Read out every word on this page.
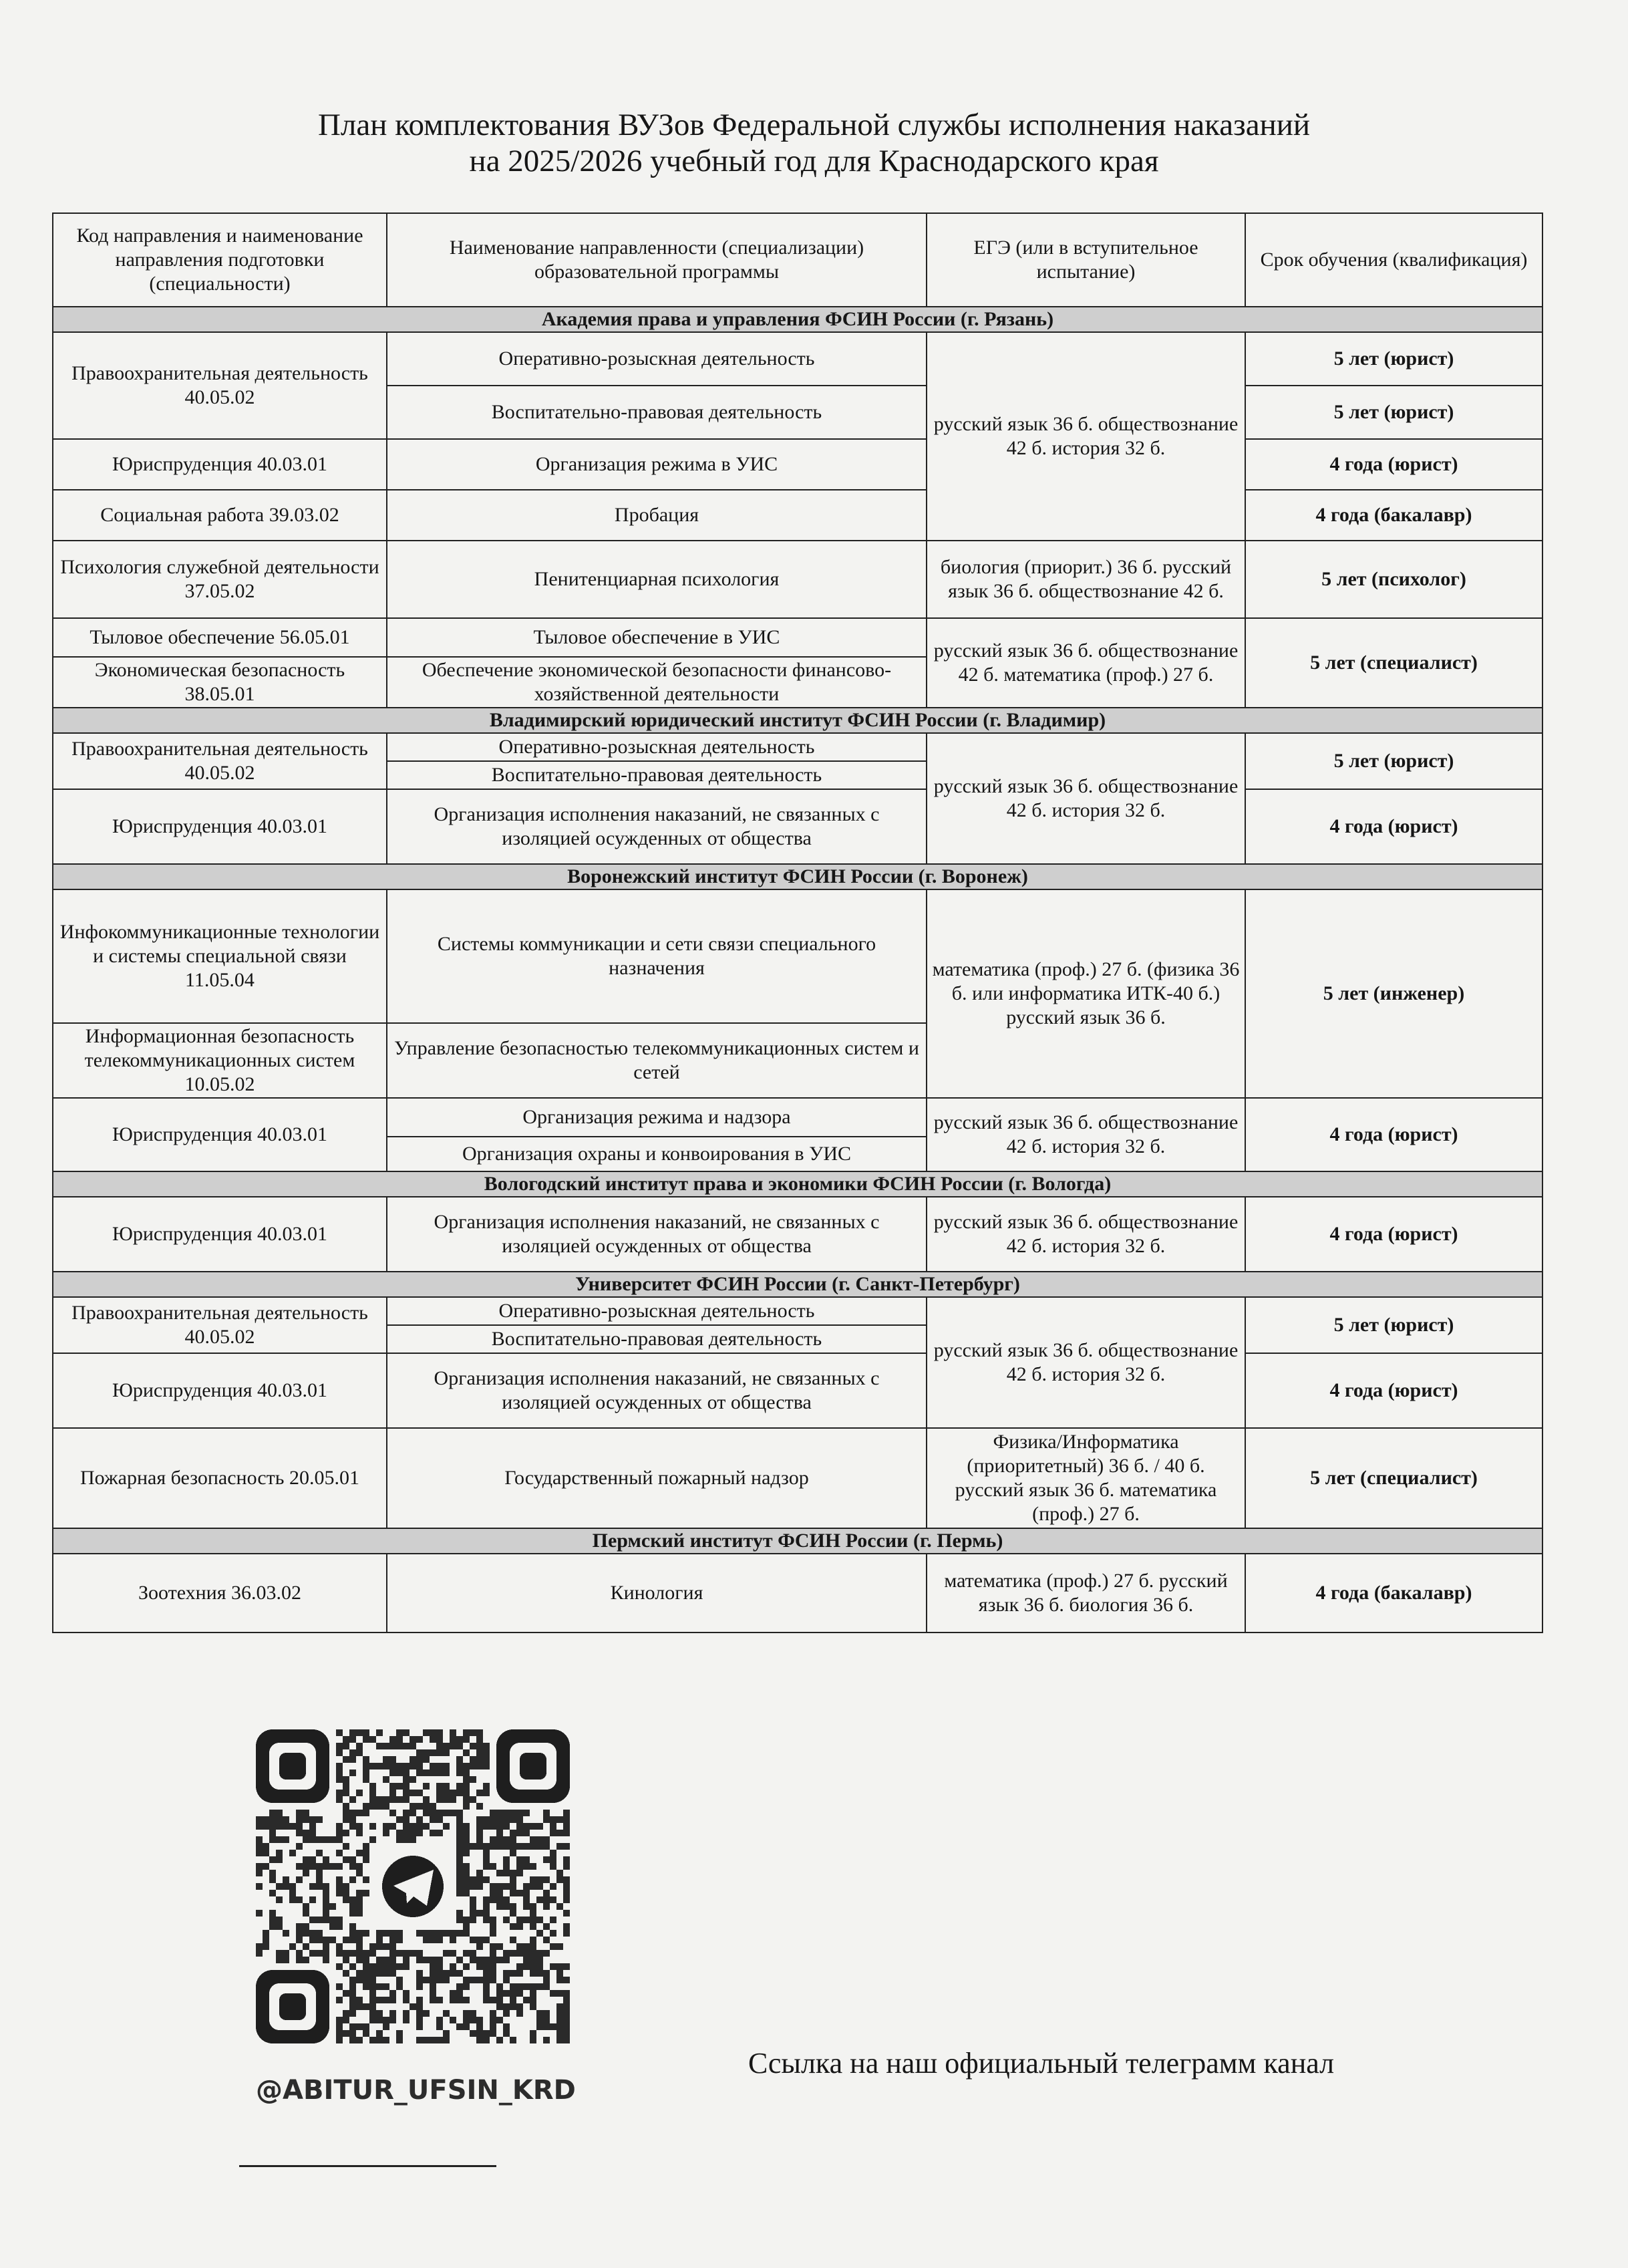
План комплектования ВУЗов Федеральной службы исполнения наказаний
на 2025/2026 учебный год для Краснодарского края
Код направления и наименование направления подготовки (специальности)	Наименование направленности (специализации) образовательной программы	ЕГЭ (или в вступительное испытание)	Срок обучения (квалификация)
Академия права и управления ФСИН России (г. Рязань)			
Правоохранительная деятельность 40.05.02	Оперативно-розыскная деятельность	русский язык 36 б. обществознание 42 б. история 32 б.	5 лет (юрист)
	Воспитательно-правовая деятельность		5 лет (юрист)
Юриспруденция 40.03.01	Организация режима в УИС		4 года (юрист)
Социальная работа 39.03.02	Пробация		4 года (бакалавр)
Психология служебной деятельности 37.05.02	Пенитенциарная психология	биология (приорит.) 36 б. русский язык 36 б. обществознание 42 б.	5 лет (психолог)
Тыловое обеспечение 56.05.01	Тыловое обеспечение в УИС	русский язык 36 б. обществознание 42 б. математика (проф.) 27 б.	5 лет (специалист)
Экономическая безопасность 38.05.01	Обеспечение экономической безопасности финансово-хозяйственной деятельности		
Владимирский юридический институт ФСИН России (г. Владимир)			
Правоохранительная деятельность 40.05.02	Оперативно-розыскная деятельность	русский язык 36 б. обществознание 42 б. история 32 б.	5 лет (юрист)
	Воспитательно-правовая деятельность		
Юриспруденция 40.03.01	Организация исполнения наказаний, не связанных с изоляцией осужденных от общества		4 года (юрист)
Воронежский институт ФСИН России (г. Воронеж)			
Инфокоммуникационные технологии и системы специальной связи 11.05.04	Системы коммуникации и сети связи специального назначения	математика (проф.) 27 б. (физика 36 б. или информатика ИТК-40 б.) русский язык 36 б.	5 лет (инженер)
Информационная безопасность телекоммуникационных систем 10.05.02	Управление безопасностью телекоммуникационных систем и сетей		
Юриспруденция 40.03.01	Организация режима и надзора	русский язык 36 б. обществознание 42 б. история 32 б.	4 года (юрист)
	Организация охраны и конвоирования в УИС		
Вологодский институт права и экономики ФСИН России (г. Вологда)			
Юриспруденция 40.03.01	Организация исполнения наказаний, не связанных с изоляцией осужденных от общества	русский язык 36 б. обществознание 42 б. история 32 б.	4 года (юрист)
Университет ФСИН России (г. Санкт-Петербург)			
Правоохранительная деятельность 40.05.02	Оперативно-розыскная деятельность	русский язык 36 б. обществознание 42 б. история 32 б.	5 лет (юрист)
	Воспитательно-правовая деятельность		
Юриспруденция 40.03.01	Организация исполнения наказаний, не связанных с изоляцией осужденных от общества		4 года (юрист)
Пожарная безопасность 20.05.01	Государственный пожарный надзор	Физика/Информатика (приоритетный) 36 б. / 40 б. русский язык 36 б. математика (проф.) 27 б.	5 лет (специалист)
Пермский институт ФСИН России (г. Пермь)			
Зоотехния 36.03.02	Кинология	математика (проф.) 27 б. русский язык 36 б. биология 36 б.	4 года (бакалавр)
@ABITUR_UFSIN_KRD
Ссылка на наш официальный телеграмм канал
